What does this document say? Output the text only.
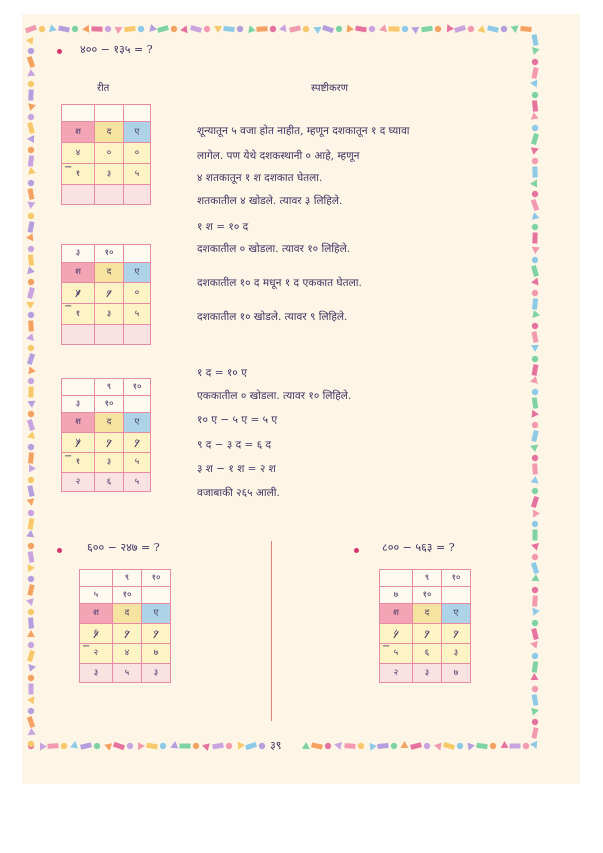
४०० − १३५ = ?
रीत	स्पष्टीकरण

श	द	ए
४	०	०
१	३	५

−
३	१०	
श	द	ए
४	०	०
१	३	५

−
	९	१०
३	१०	
श	द	ए
४	०	०
१	३	५
२	६	५
−
शून्यातून ५ वजा होत नाहीत, म्हणून दशकातून १ द घ्यावा
लागेल. पण येथे दशकस्थानी ० आहे, म्हणून
४ शतकातून १ श दशकात घेतला.
शतकातील ४ खोडले. त्यावर ३ लिहिले.
१ श = १० द
दशकातील ० खोडला. त्यावर १० लिहिले.
दशकातील १० द मधून १ द एककात घेतला.
दशकातील १० खोडले. त्यावर ९ लिहिले.
१ द = १० ए
एककातील ० खोडला. त्यावर १० लिहिले.
१० ए − ५ ए = ५ ए
९ द − ३ द = ६ द
३ श − १ श = २ श
वजाबाकी २६५ आली.
६०० − २४७ = ?
	९	१०
५	१०	
श	द	ए
६	०	०
२	४	७
३	५	३
−
८०० − ५६३ = ?
	९	१०
७	१०	
श	द	ए
८	०	०
५	६	३
२	३	७
−
३९
